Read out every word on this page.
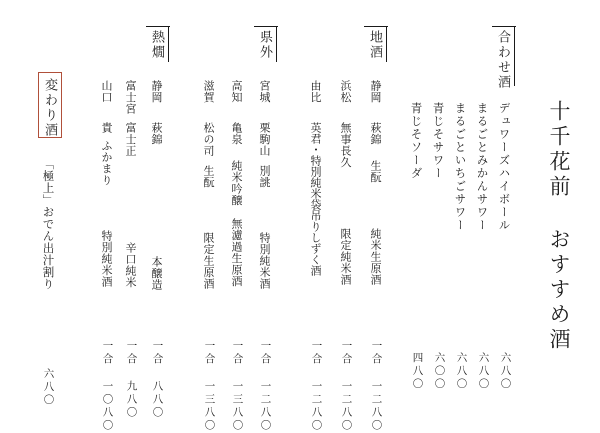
十千花前 おすすめ酒
合わせ酒
デュワーズハイボール
まるごとみかんサワー
まるごといちごサワー
青じそサワー
青じそソーダ
六八〇
六八〇
六八〇
六〇〇
四八〇
地酒
静岡
萩錦
生酛
純米生原酒
浜松
無事長久
限定純米酒
由比
英君・特別純米袋吊りしずく酒
一合 一二八〇
一合 一二八〇
一合 一二八〇
県外
宮城
栗駒山
別誂
特別純米酒
高知
亀泉
純米吟醸
無濾過生原酒
滋賀
松の司
生酛
限定生原酒
一合 一二八〇
一合 一三八〇
一合 一三八〇
熱燗
静岡
萩錦
本醸造
富士宮
富士正
辛口純米
山口
貴
ふかまり
特別純米酒
一合 八八〇
一合 九八〇
一合 一〇八〇
変わり酒
「極上」おでん出汁割り
六八〇
